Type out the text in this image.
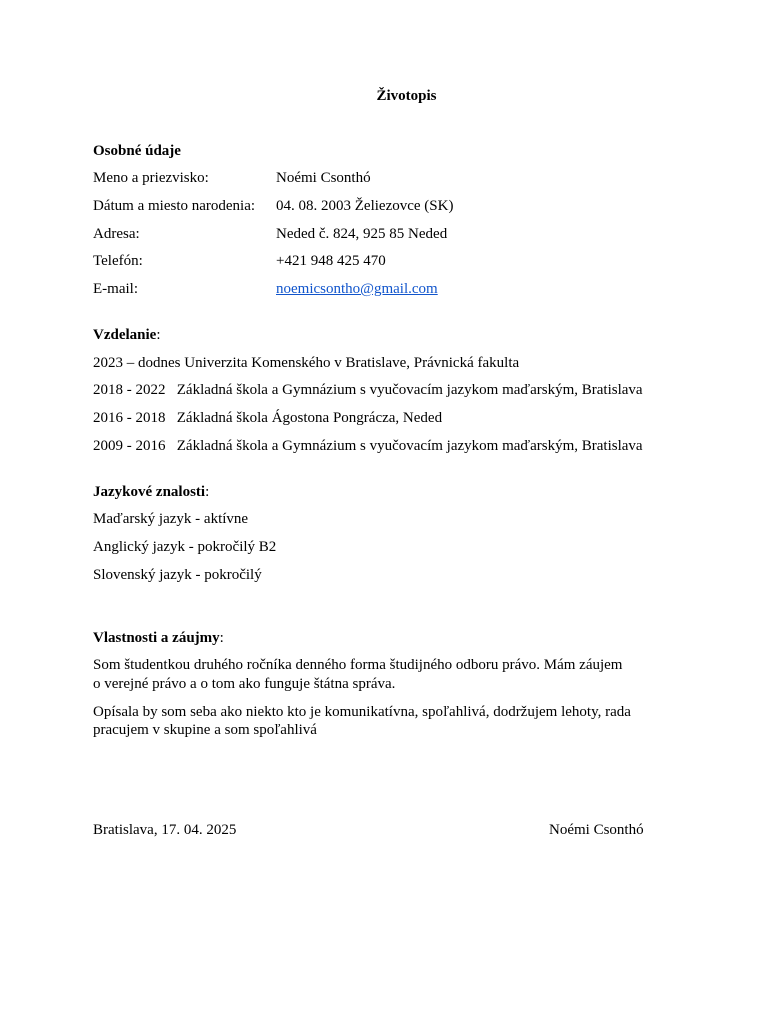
Životopis
Osobné údaje
Meno a priezvisko:	Noémi Csonthó
Dátum a miesto narodenia: 04. 08. 2003 Želiezovce (SK)
Adresa:	Neded č. 824, 925 85 Neded
Telefón:	+421 948 425 470
E-mail:	noemicsontho@gmail.com
Vzdelanie:
2023 – dodnes Univerzita Komenského v Bratislave, Právnická fakulta
2018 - 2022 Základná škola a Gymnázium s vyučovacím jazykom maďarským, Bratislava
2016 - 2018 Základná škola Ágostona Pongrácza, Neded
2009 - 2016 Základná škola a Gymnázium s vyučovacím jazykom maďarským, Bratislava
Jazykové znalosti:
Maďarský jazyk - aktívne
Anglický jazyk - pokročilý B2
Slovenský jazyk - pokročilý
Vlastnosti a záujmy:
Som študentkou druhého ročníka denného forma študijného odboru právo. Mám záujem
o verejné právo a o tom ako funguje štátna správa.
Opísala by som seba ako niekto kto je komunikatívna, spoľahlivá, dodržujem lehoty, rada
pracujem v skupine a som spoľahlivá
Bratislava, 17. 04. 2025	Noémi Csonthó
